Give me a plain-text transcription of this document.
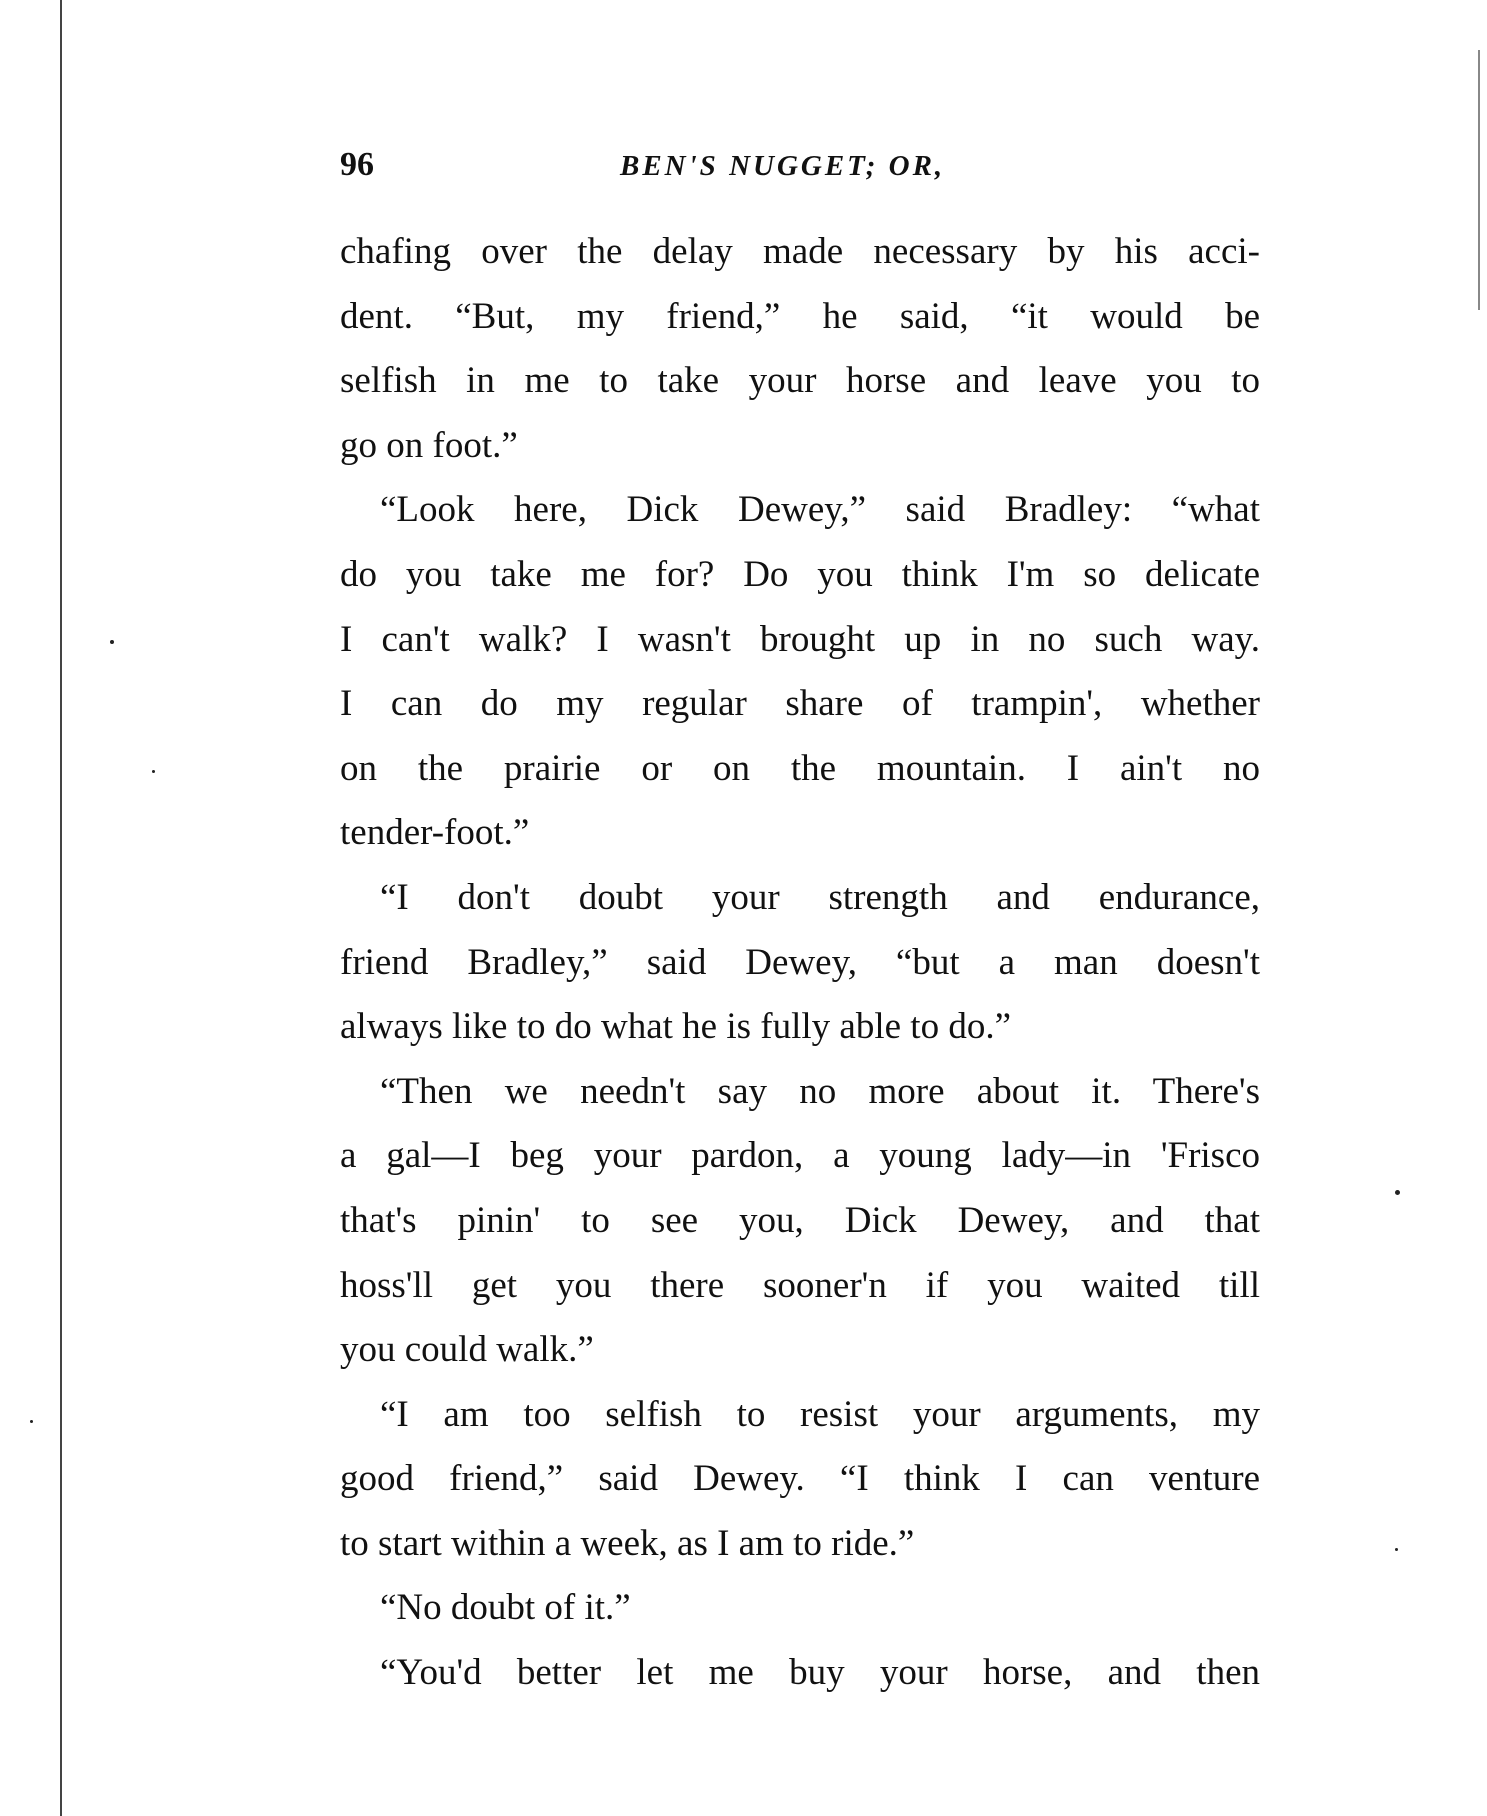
96	BEN'S NUGGET; OR,
chafing over the delay made necessary by his acci-
dent. “But, my friend,” he said, “it would be
selfish in me to take your horse and leave you to
go on foot.”
“Look here, Dick Dewey,” said Bradley: “what
do you take me for? Do you think I'm so delicate
I can't walk? I wasn't brought up in no such way.
I can do my regular share of trampin', whether
on the prairie or on the mountain. I ain't no
tender-foot.”
“I don't doubt your strength and endurance,
friend Bradley,” said Dewey, “but a man doesn't
always like to do what he is fully able to do.”
“Then we needn't say no more about it. There's
a gal—I beg your pardon, a young lady—in 'Frisco
that's pinin' to see you, Dick Dewey, and that
hoss'll get you there sooner'n if you waited till
you could walk.”
“I am too selfish to resist your arguments, my
good friend,” said Dewey. “I think I can venture
to start within a week, as I am to ride.”
“No doubt of it.”
“You'd better let me buy your horse, and then
